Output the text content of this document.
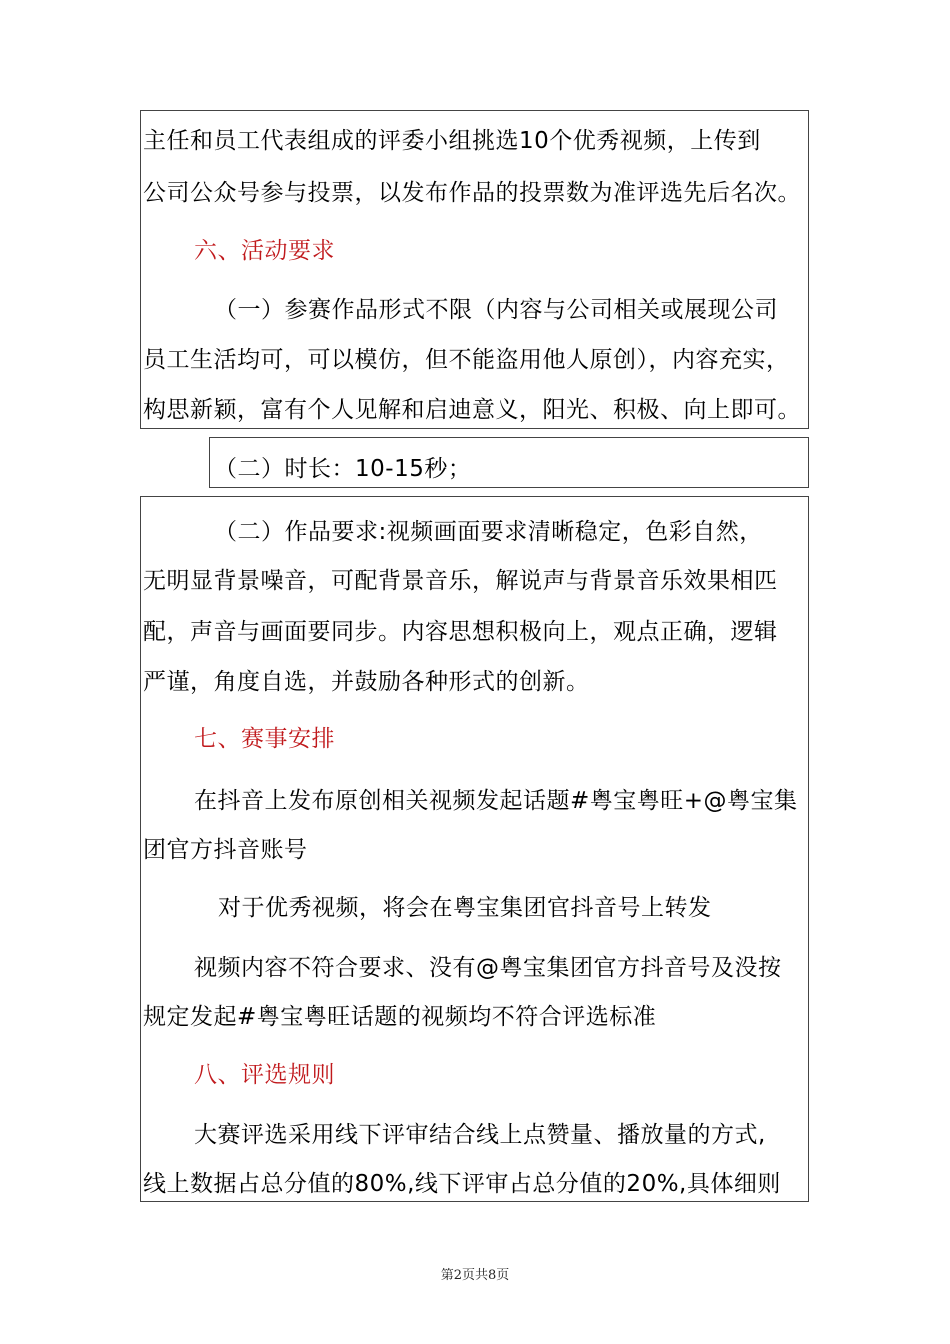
主任和员工代表组成的评委小组挑选10个优秀视频，上传到
公司公众号参与投票，以发布作品的投票数为准评选先后名次。
六、活动要求
（一）参赛作品形式不限（内容与公司相关或展现公司
员工生活均可，可以模仿，但不能盗用他人原创），内容充实，
构思新颖，富有个人见解和启迪意义，阳光、积极、向上即可。
（二）时长：10-15秒；
（二）作品要求:视频画面要求清晰稳定，色彩自然，
无明显背景噪音，可配背景音乐，解说声与背景音乐效果相匹
配，声音与画面要同步。内容思想积极向上，观点正确，逻辑
严谨，角度自选，并鼓励各种形式的创新。
七、赛事安排
在抖音上发布原创相关视频发起话题#粤宝粤旺+@粤宝集
团官方抖音账号
对于优秀视频，将会在粤宝集团官抖音号上转发
视频内容不符合要求、没有@粤宝集团官方抖音号及没按
规定发起#粤宝粤旺话题的视频均不符合评选标准
八、评选规则
大赛评选采用线下评审结合线上点赞量、播放量的方式,
线上数据占总分值的80%,线下评审占总分值的20%,具体细则
第2页共8页
